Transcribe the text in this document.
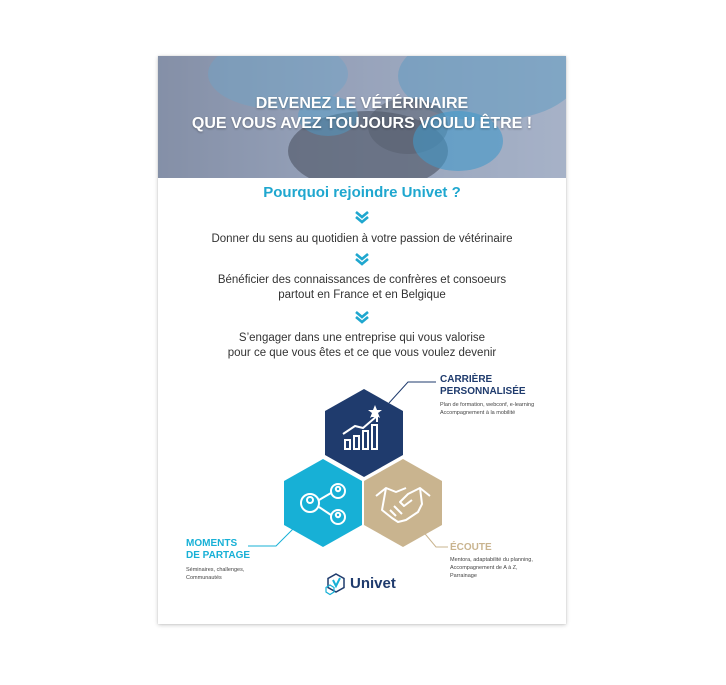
DEVENEZ LE VÉTÉRINAIRE
QUE VOUS AVEZ TOUJOURS VOULU ÊTRE !
Pourquoi rejoindre Univet ?
Donner du sens au quotidien à votre passion de vétérinaire
Bénéficier des connaissances de confrères et consoeurs
partout en France et en Belgique
S’engager dans une entreprise qui vous valorise
pour ce que vous êtes et ce que vous voulez devenir
CARRIÈRE
PERSONNALISÉE
Plan de formation, webconf, e-learning
Accompagnement à la mobilité
MOMENTS
DE PARTAGE
Séminaires, challenges,
Communautés
ÉCOUTE
Mentora, adaptabilité du planning,
Accompagnement de A à Z,
Parrainage
Univet
